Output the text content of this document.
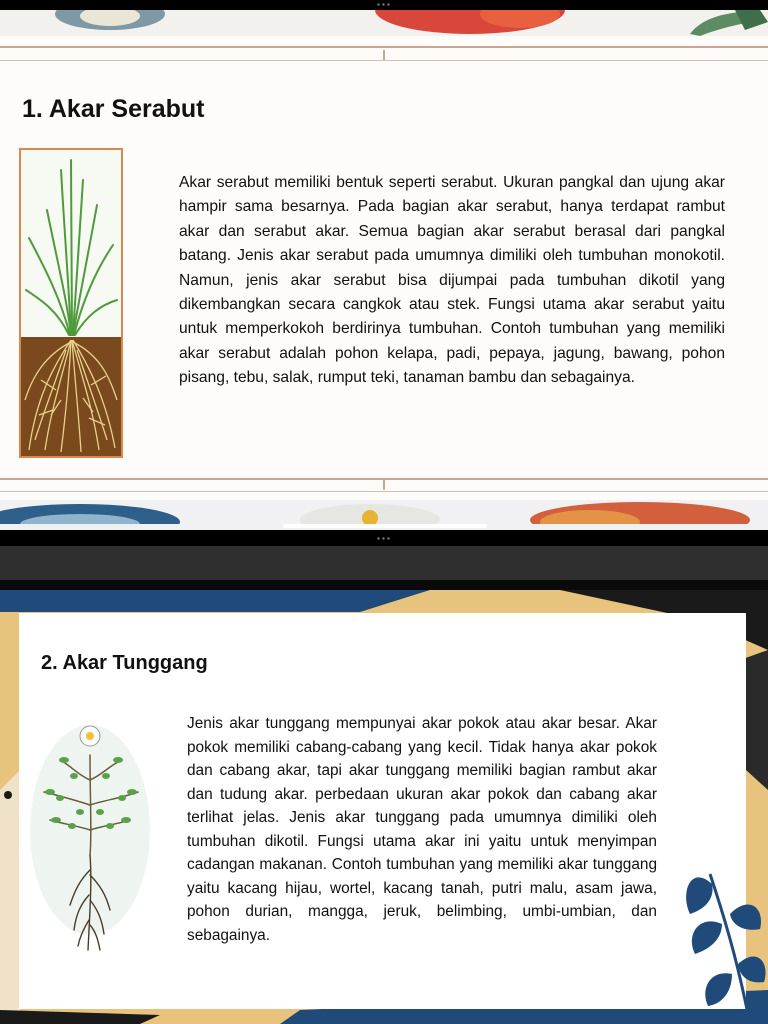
1. Akar Serabut

Akar serabut memiliki bentuk seperti serabut. Ukuran pangkal dan ujung akar hampir sama besarnya. Pada bagian akar serabut, hanya terdapat rambut akar dan serabut akar. Semua bagian akar serabut berasal dari pangkal batang. Jenis akar serabut pada umumnya dimiliki oleh tumbuhan monokotil. Namun, jenis akar serabut bisa dijumpai pada tumbuhan dikotil yang dikembangkan secara cangkok atau stek. Fungsi utama akar serabut yaitu untuk memperkokoh berdirinya tumbuhan. Contoh tumbuhan yang memiliki akar serabut adalah pohon kelapa, padi, pepaya, jagung, bawang, pohon pisang, tebu, salak, rumput teki, tanaman bambu dan sebagainya.

2. Akar Tunggang

Jenis akar tunggang mempunyai akar pokok atau akar besar. Akar pokok memiliki cabang-cabang yang kecil. Tidak hanya akar pokok dan cabang akar, tapi akar tunggang memiliki bagian rambut akar dan tudung akar. perbedaan ukuran akar pokok dan cabang akar terlihat jelas. Jenis akar tunggang pada umumnya dimiliki oleh tumbuhan dikotil. Fungsi utama akar ini yaitu untuk menyimpan cadangan makanan. Contoh tumbuhan yang memiliki akar tunggang yaitu kacang hijau, wortel, kacang tanah, putri malu, asam jawa, pohon durian, mangga, jeruk, belimbing, umbi-umbian, dan sebagainya.
